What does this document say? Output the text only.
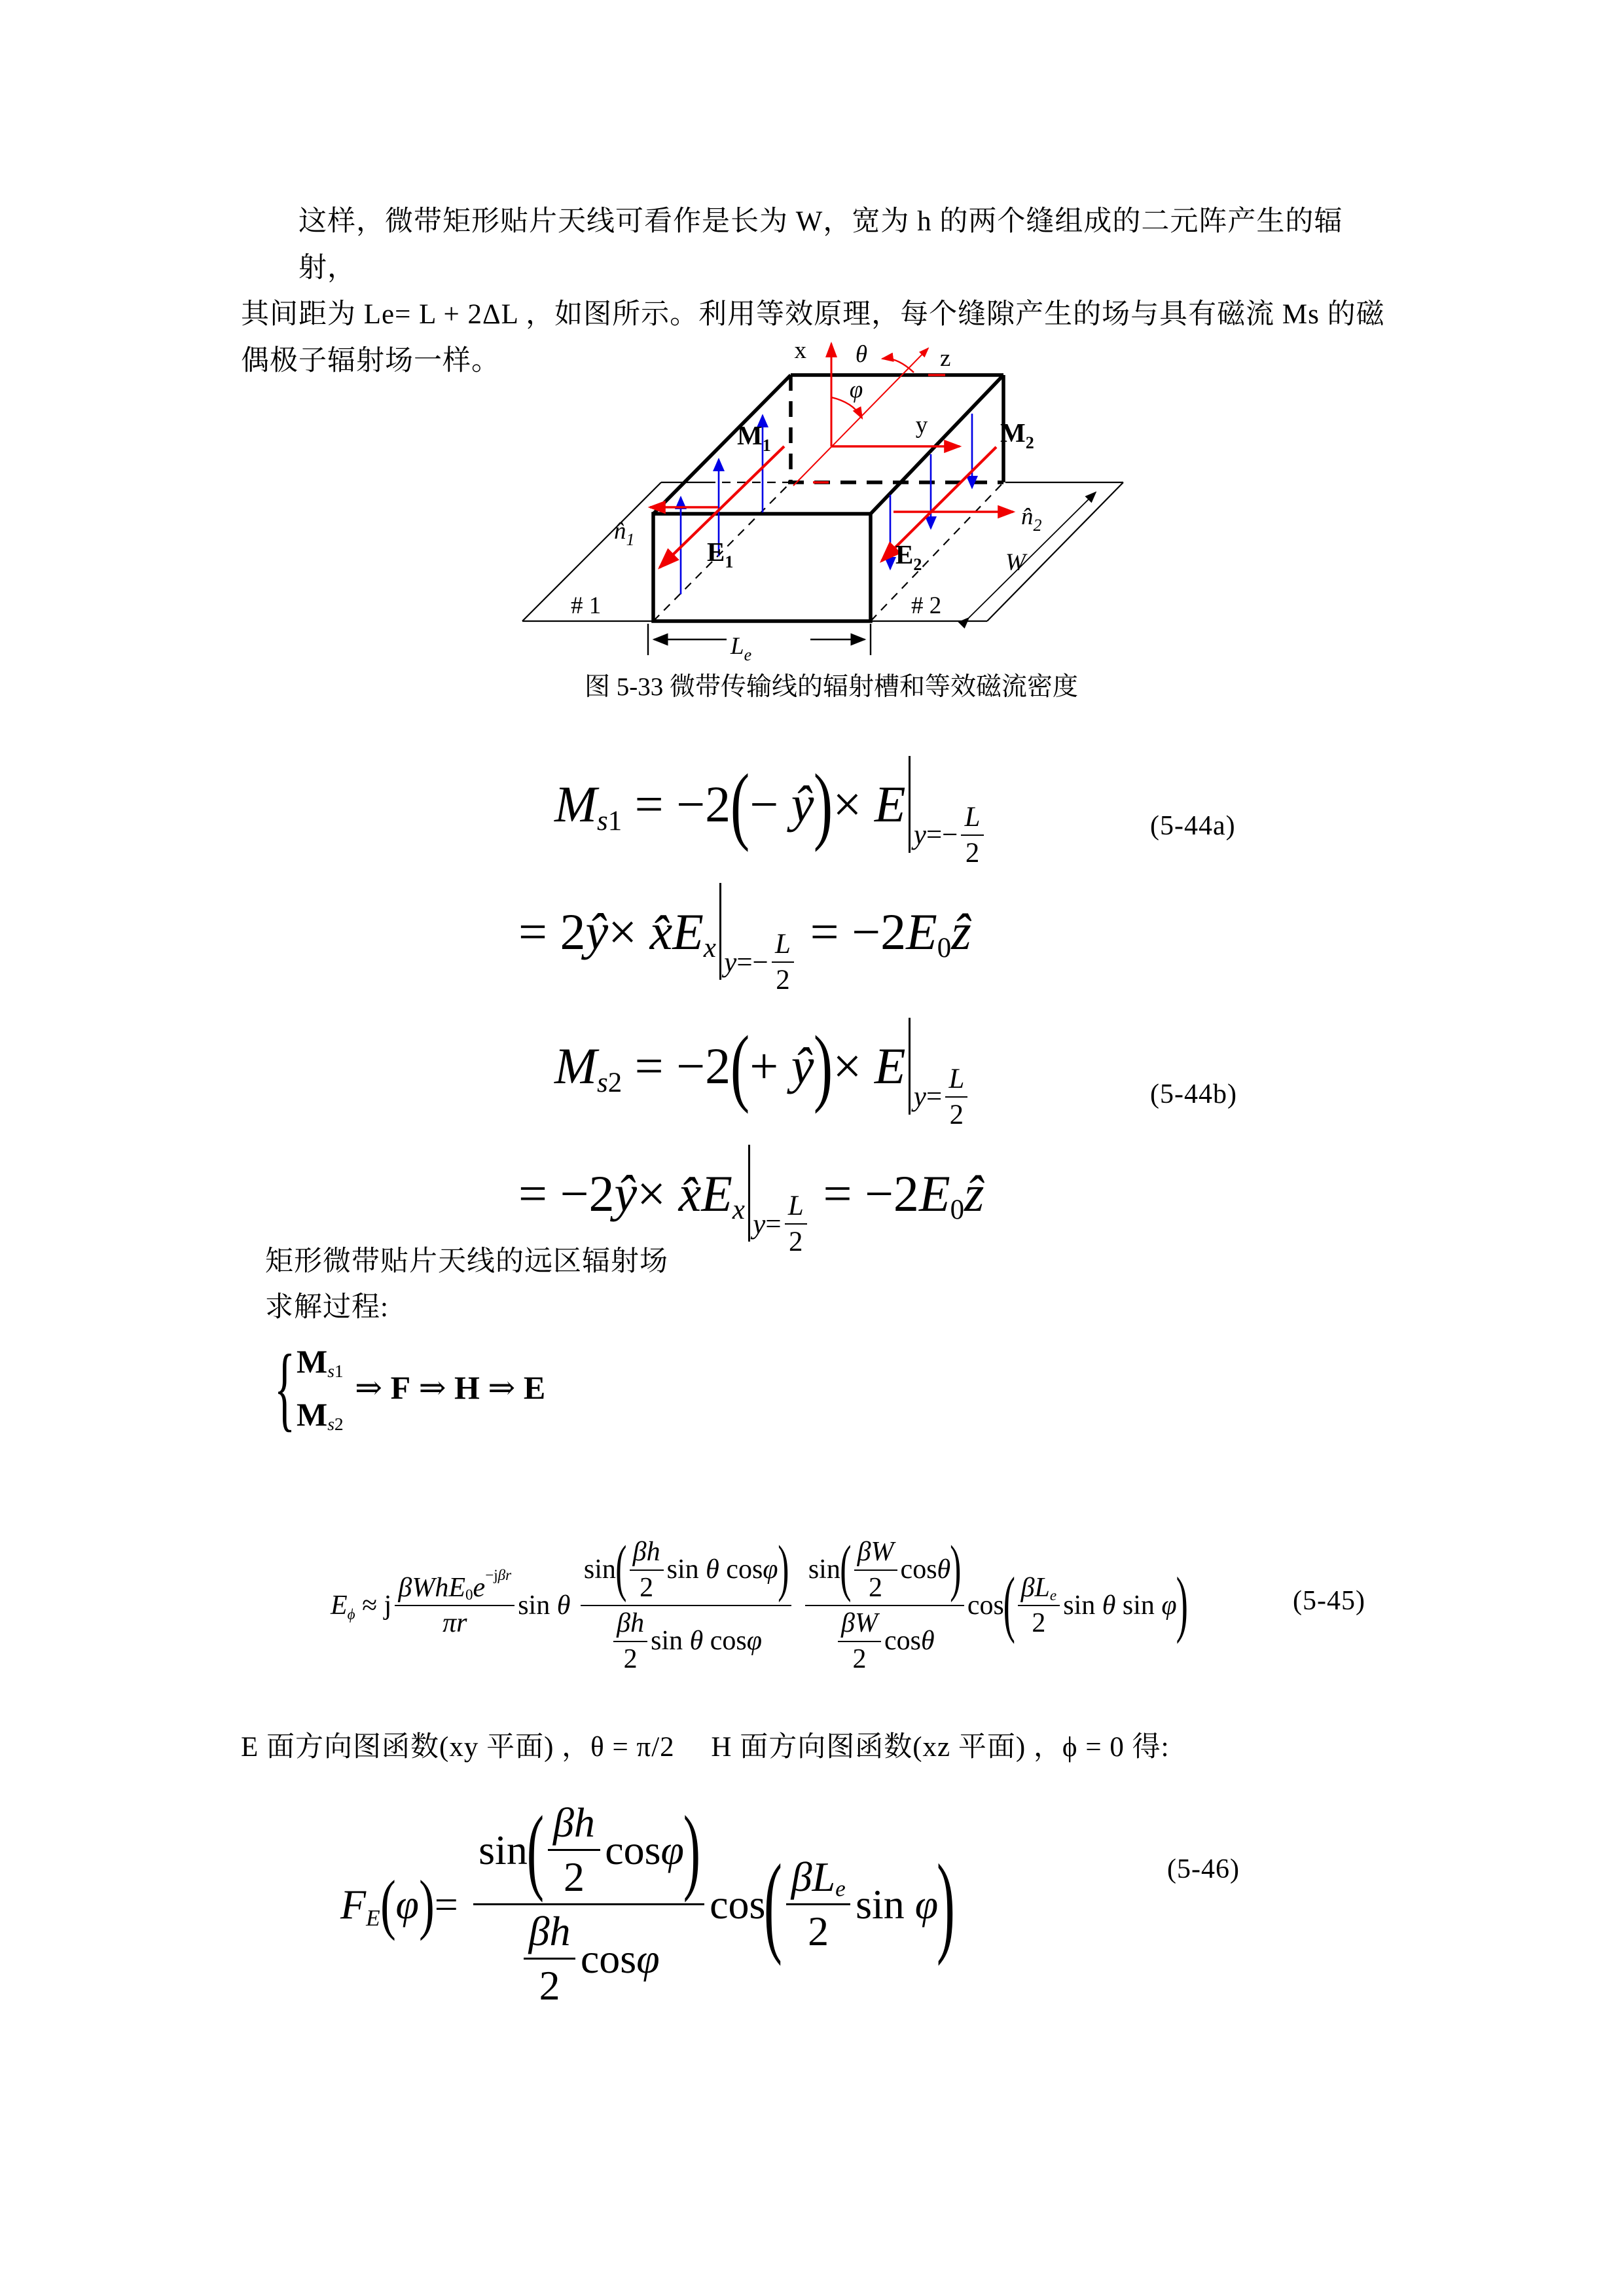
这样，微带矩形贴片天线可看作是长为 W，宽为 h 的两个缝组成的二元阵产生的辐射，
其间距为 Le= L + 2ΔL ，如图所示。利用等效原理，每个缝隙产生的场与具有磁流 Ms 的磁
偶极子辐射场一样。	x θ	z
φ
y
$M_1$	$M_2$
$E_1$	$E_2$
$n̂_1$
$n̂_2$
# 1	# 2
W
$L_e$
图 5-33 微带传输线的辐射槽和等效磁流密度
M s 1 = −2 ( − ŷ ) × E
y =−
L
2
= 2 ŷ × x̂ E x y =−
L
2
= −2 E 0 ẑ
(5-44a)
M s 2 = −2 ( + ŷ ) × E
y =
L
2
= −2 ŷ × x̂ E x y =
L
2
= −2 E 0 ẑ
(5-44b)
矩形微带贴片天线的远区辐射场
求解过程:
{ M s 1
M s 2
⇒ F ⇒ H ⇒ E
E ϕ ≈ j
β WhE 0 e −j βr
π r
sin θ

sin ( β h
2
sin θ cos φ )
β h
2
sin θ cos φ

sin ( β W
2
cos θ )
β W
2
cos θ
cos
( β L e
2
sin θ sin φ
)	(5-45)
E 面方向图函数(xy 平面) ，θ = π/2　 H 面方向图函数(xz 平面) ，ϕ = 0 得:
F E ( φ ) =
sin
( β h
2
cos φ
)
β h
2
cos φ
cos
( β L e
2
sin φ
)	(5-46)
